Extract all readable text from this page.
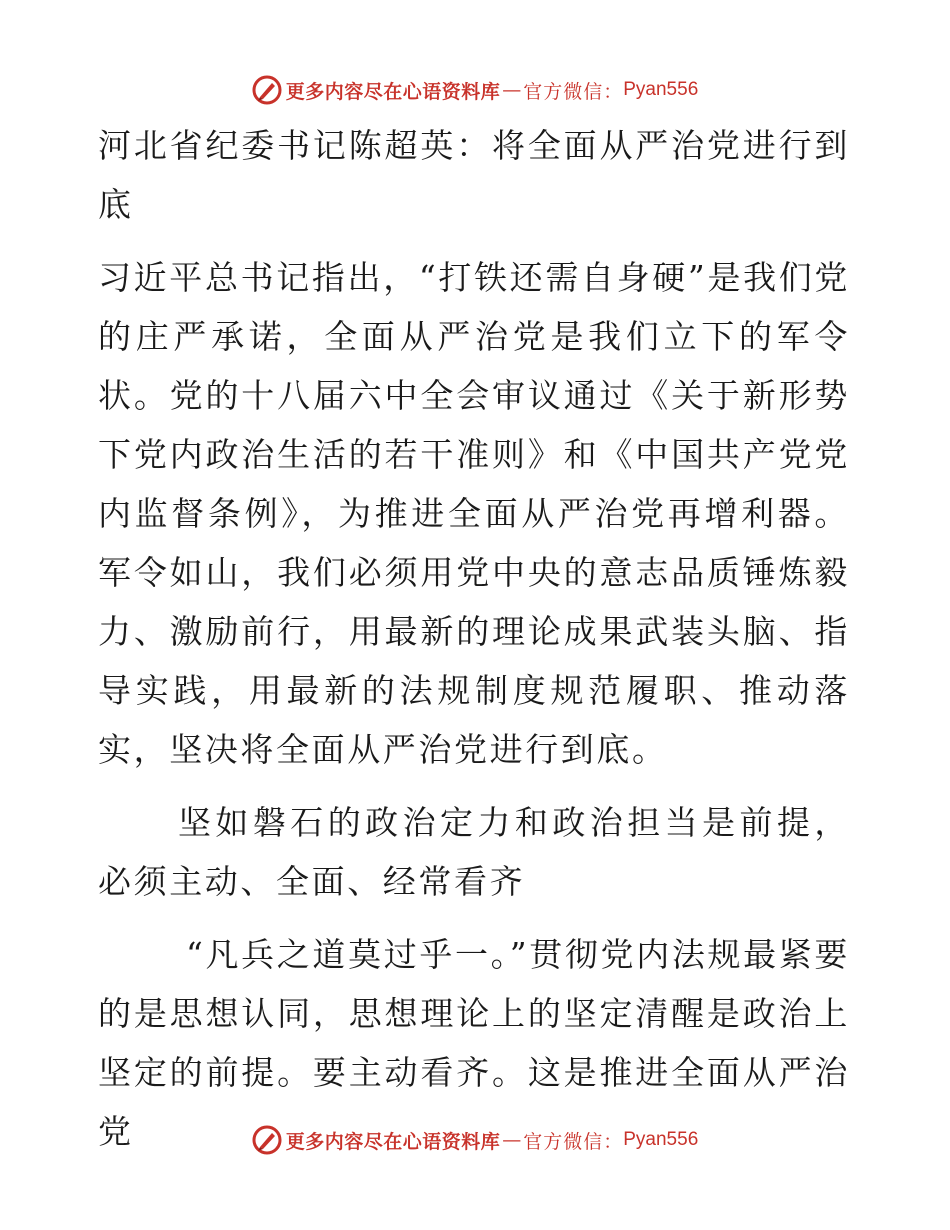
更多内容尽在心语资料库 — 官方微信： Pyan556

河北省纪委书记陈超英：将全面从严治党进行到底

习近平总书记指出，“打铁还需自身硬”是我们党的庄严承诺，全面从严治党是我们立下的军令状。党的十八届六中全会审议通过《关于新形势下党内政治生活的若干准则》和《中国共产党党内监督条例》，为推进全面从严治党再增利器。军令如山，我们必须用党中央的意志品质锤炼毅力、激励前行，用最新的理论成果武装头脑、指导实践，用最新的法规制度规范履职、推动落实，坚决将全面从严治党进行到底。

坚如磐石的政治定力和政治担当是前提，必须主动、全面、经常看齐

“凡兵之道莫过乎一。”贯彻党内法规最紧要的是思想认同，思想理论上的坚定清醒是政治上坚定的前提。要主动看齐。这是推进全面从严治党	更多内容尽在心语资料库 — 官方微信： Pyan556
